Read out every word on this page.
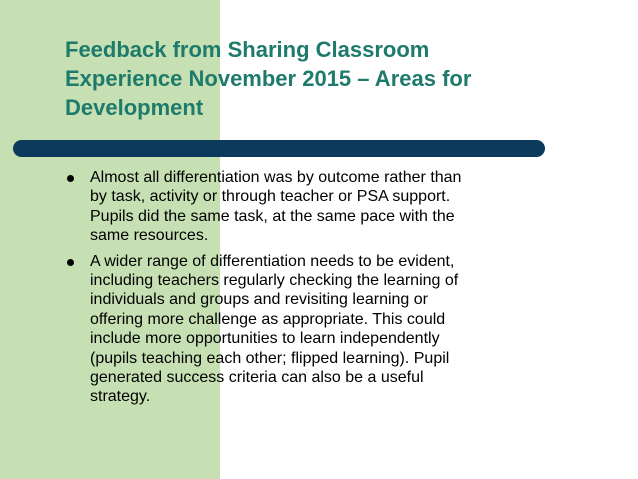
Feedback from Sharing Classroom
Experience November 2015 – Areas for
Development
Almost all differentiation was by outcome rather than
by task, activity or through teacher or PSA support.
Pupils did the same task, at the same pace with the
same resources.
A wider range of differentiation needs to be evident,
including teachers regularly checking the learning of
individuals and groups and revisiting learning or
offering more challenge as appropriate. This could
include more opportunities to learn independently
(pupils teaching each other; flipped learning). Pupil
generated success criteria can also be a useful
strategy.
